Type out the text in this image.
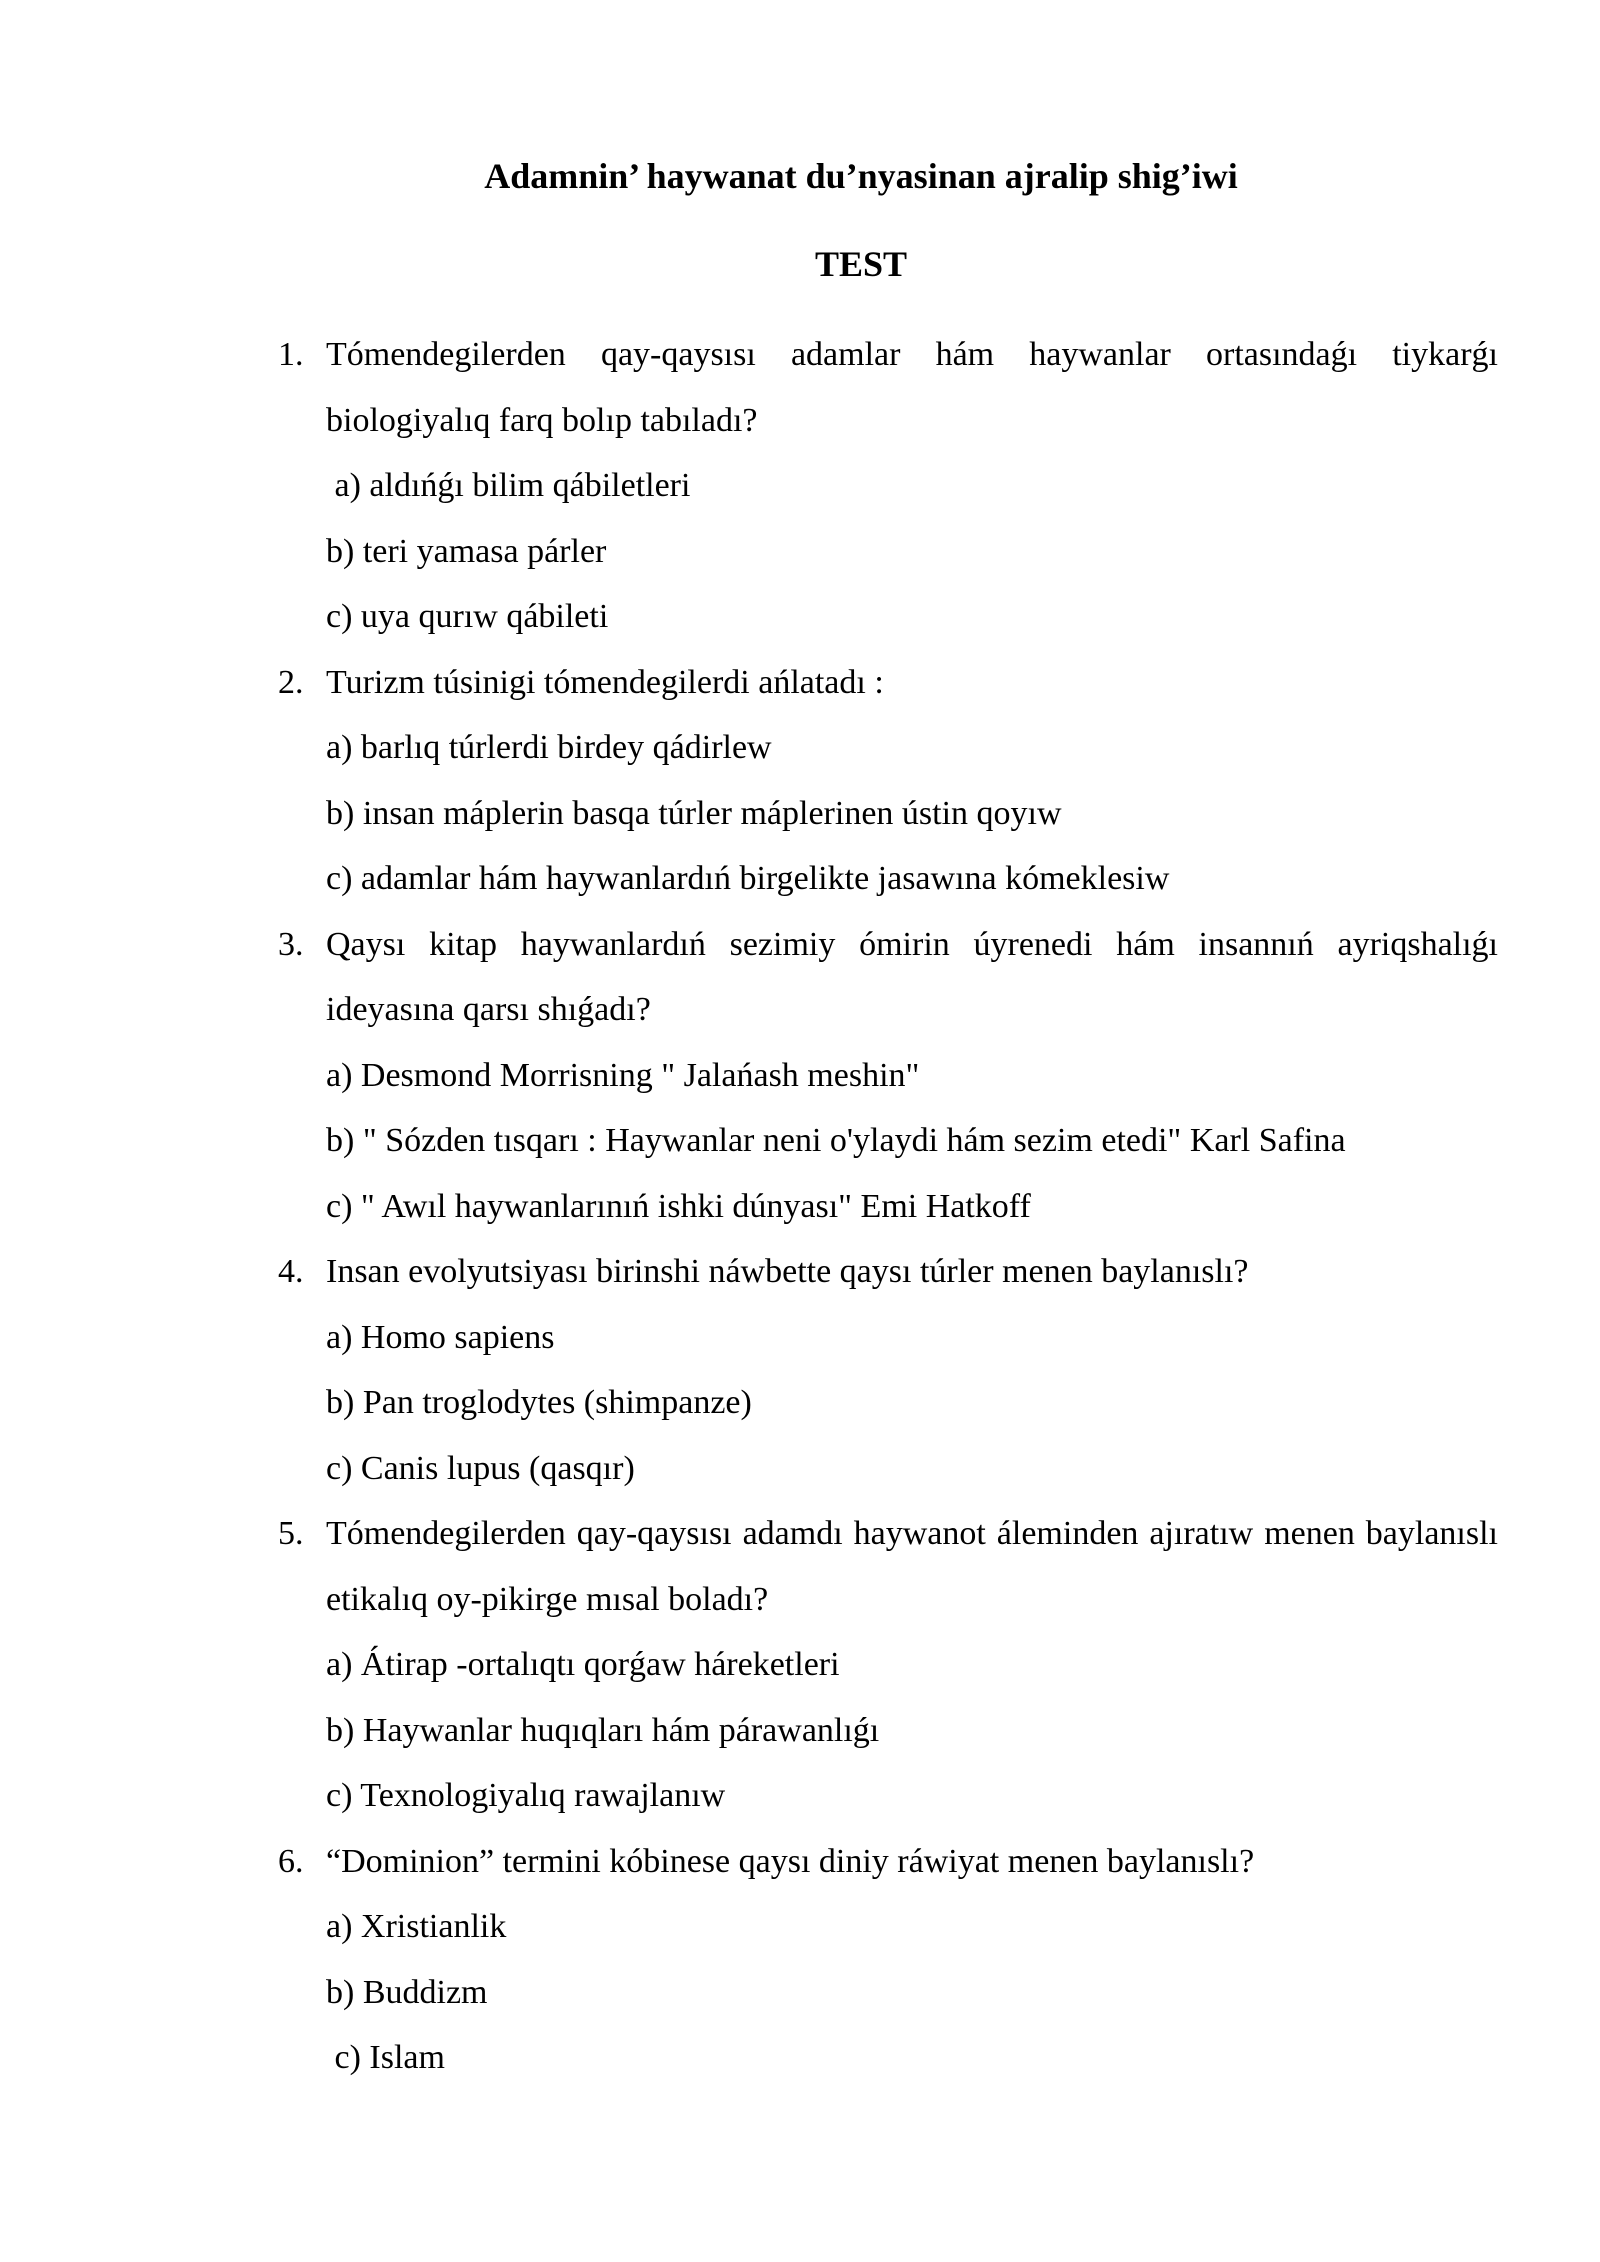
Adamnin’ haywanat du’nyasinan ajralip shig’iwi
TEST
1. Tómendegilerden qay-qaysısı adamlar hám haywanlar ortasındaǵı tiykarǵı biologiyalıq farq bolıp tabıladı?
a) aldıńǵı bilim qábiletleri
b) teri yamasa párler
c) uya qurıw qábileti
2. Turizm túsinigi tómendegilerdi ańlatadı :
a) barlıq túrlerdi birdey qádirlew
b) insan máplerin basqa túrler máplerinen ústin qoyıw
c) adamlar hám haywanlardıń birgelikte jasawına kómeklesiw
3. Qaysı kitap haywanlardıń sezimiy ómirin úyrenedi hám insannıń ayriqshalıǵı ideyasına qarsı shıǵadı?
a) Desmond Morrisning " Jalańash meshin"
b) " Sózden tısqarı : Haywanlar neni o'ylaydi hám sezim etedi" Karl Safina
c) " Awıl haywanlarınıń ishki dúnyası" Emi Hatkoff
4. Insan evolyutsiyası birinshi náwbette qaysı túrler menen baylanıslı?
a) Homo sapiens
b) Pan troglodytes (shimpanze)
c) Canis lupus (qasqır)
5. Tómendegilerden qay-qaysısı adamdı haywanot áleminden ajıratıw menen baylanıslı etikalıq oy-pikirge mısal boladı?
a) Átirap -ortalıqtı qorǵaw háreketleri
b) Haywanlar huqıqları hám párawanlıǵı
c) Texnologiyalıq rawajlanıw
6. “Dominion” termini kóbinese qaysı diniy ráwiyat menen baylanıslı?
a) Xristianlik
b) Buddizm
c) Islam
